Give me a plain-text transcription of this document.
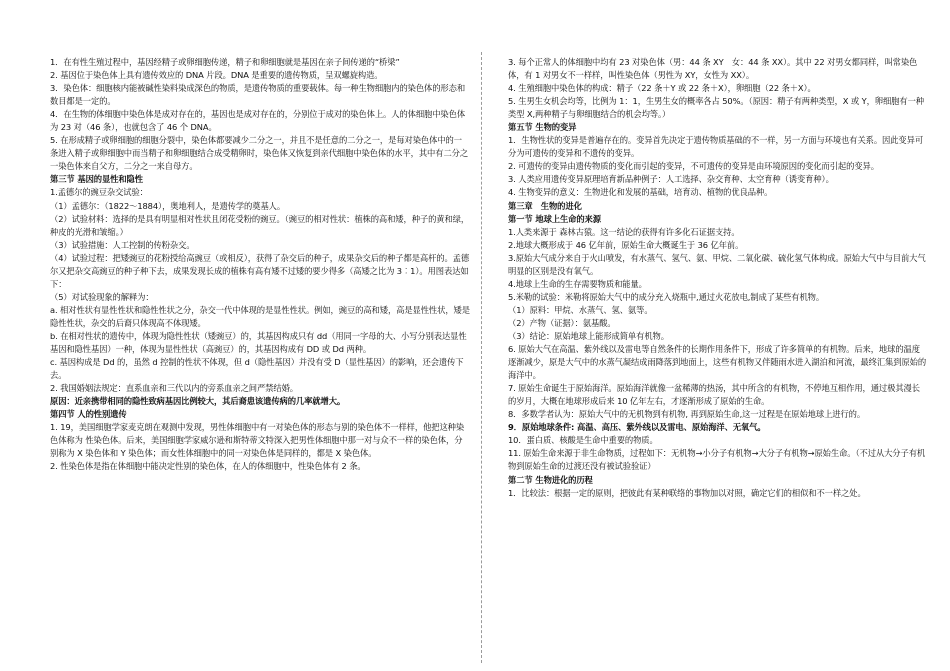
1．在有性生殖过程中，基因经精子或卵细胞传递，精子和卵细胞就是基因在亲子间传递的“桥梁”

2. 基因位于染色体上具有遗传效应的 DNA 片段。DNA 是重要的遗传物质，呈双螺旋构造。

3．染色体：细胞核内能被碱性染料染成深色的物质，是遗传物质的重要载体。每一种生物细胞内的染色体的形态和数目都是一定的。

4．在生物的体细胞中染色体是成对存在的，基因也是成对存在的，分别位于成对的染色体上。人的体细胞中染色体为 23 对（46 条），也就包含了 46 个 DNA。

5. 在形成精子或卵细胞的细胞分裂中，染色体都要减少二分之一，并且不是任意的二分之一，是每对染色体中的一条进入精子或卵细胞中而当精子和卵细胞结合成受精卵时，染色体又恢复到亲代细胞中染色体的水平，其中有二分之一染色体来自父方，二分之一来自母方。

第三节 基因的显性和隐性

1.孟德尔的豌豆杂交试验：

（1）孟德尔：（1822～1884），奥地利人，是遗传学的奠基人。

（2）试验材料：选择的是具有明显相对性状且闭花受粉的豌豆。（豌豆的相对性状：植株的高和矮，种子的黄和绿，种皮的光滑和皱缩。）

（3）试验措施：人工控制的传粉杂交。

（4）试验过程：把矮豌豆的花粉授给高豌豆（或相反），获得了杂交后的种子，成果杂交后的种子都是高杆的。孟德尔又把杂交高豌豆的种子种下去，成果发现长成的植株有高有矮不过矮的要少得多（高矮之比为 3︰1）。用图表达如下：

（5）对试验现象的解释为：

a. 相对性状有显性性状和隐性性状之分，杂交一代中体现的是显性性状。例如，豌豆的高和矮，高是显性性状，矮是隐性性状，杂交的后裔只体现高不体现矮。

b. 在相对性状的遗传中，体现为隐性性状（矮豌豆）的，其基因构成只有 dd（用同一字母的大、小写分别表达显性基因和隐性基因）一种，体现为显性性状（高豌豆）的，其基因构成有 DD 或 Dd 两种。

c. 基因构成是 Dd 的，虽然 d 控制的性状不体现，但 d（隐性基因）并没有受 D（显性基因）的影响，还会遗传下去。

2. 我国婚姻法规定：直系血亲和三代以内的旁系血亲之间严禁结婚。

原因：近亲携带相同的隐性致病基因比例较大，其后裔患该遗传病的几率就增大。

第四节 人的性别遗传

1. 19，美国细胞学家麦克朗在观测中发现，男性体细胞中有一对染色体的形态与别的染色体不一样样，他把这种染色体称为 性染色体。后来，美国细胞学家威尔逊和斯特蒂文特深入把男性体细胞中那一对与众不一样的染色体，分别称为 X 染色体和 Y 染色体；而女性体细胞中的同一对染色体是同样的，都是 X 染色体。

2. 性染色体是指在体细胞中能决定性别的染色体，在人的体细胞中，性染色体有 2 条。

3. 每个正常人的体细胞中均有 23 对染色体（男：44 条 XY　女：44 条 XX）。其中 22 对男女都同样，叫常染色体，有 1 对男女不一样样，叫性染色体（男性为 XY，女性为 XX）。

4. 生殖细胞中染色体的构成：精子（22 条＋Y 或 22 条＋X），卵细胞（22 条＋X）。

5. 生男生女机会均等，比例为 1：1，生男生女的概率各占 50%。（原因：精子有两种类型，X 或 Y，卵细胞有一种类型 X,两种精子与卵细胞结合的机会均等。）

第五节 生物的变异

1．生物性状的变异是普遍存在的。变异首先决定于遗传物质基础的不一样，另一方面与环境也有关系。因此变异可分为可遗传的变异和不遗传的变异。

2. 可遗传的变异由遗传物质的变化而引起的变异，不可遗传的变异是由环境原因的变化而引起的变异。

3. 人类应用遗传变异原理培育新品种例子：人工选择、杂交育种、太空育种（诱变育种）。

4. 生物变异的意义：生物进化和发展的基础，培育动、植物的优良品种。

第三章　生物的进化

第一节 地球上生命的来源

1.人类来源于 森林古猿。这一结论的获得有许多化石证据支持。

2.地球大概形成于 46 亿年前，原始生命大概诞生于 36 亿年前。

3.原始大气成分来自于火山喷发，有水蒸气、氢气、氨、甲烷、二氧化碳、硫化氢气体构成。原始大气中与目前大气明显的区别是没有氧气。

4.地球上生命的生存需要物质和能量。

5.米勒的试验：米勒将原始大气中的成分充入烧瓶中,通过火花放电,制成了某些有机物。

（1）原料：甲烷、水蒸气、氢、氨等。

（2）产物（证据）：氨基酸。

（3）结论：原始地球上能形成简单有机物。

6. 原始大气在高温、紫外线以及雷电等自然条件的长期作用条件下，形成了许多简单的有机物。后来，地球的温度逐渐减少，原是大气中的水蒸气凝结成雨降落到地面上，这些有机物又伴随雨水进入湖泊和河流，最终汇集到原始的海洋中。

7. 原始生命诞生于原始海洋。原始海洋就像一盆稀薄的热汤，其中所含的有机物，不停地互相作用，通过极其漫长的岁月，大概在地球形成后来 10 亿年左右，才逐渐形成了原始的生命。

8．多数学者认为：原始大气中的无机物到有机物, 再到原始生命,这一过程是在原始地球上进行的。

9．原始地球条件: 高温、高压、紫外线以及雷电、原始海洋、无氧气。

10．蛋白质、核酸是生命中重要的物质。

11. 原始生命来源于非生命物质，过程如下：无机物→小分子有机物→大分子有机物→原始生命。（不过从大分子有机物到原始生命的过渡还没有被试验验证）

第二节 生物进化的历程

1．比较法：根据一定的原则，把彼此有某种联络的事物加以对照，确定它们的相似和不一样之处。
